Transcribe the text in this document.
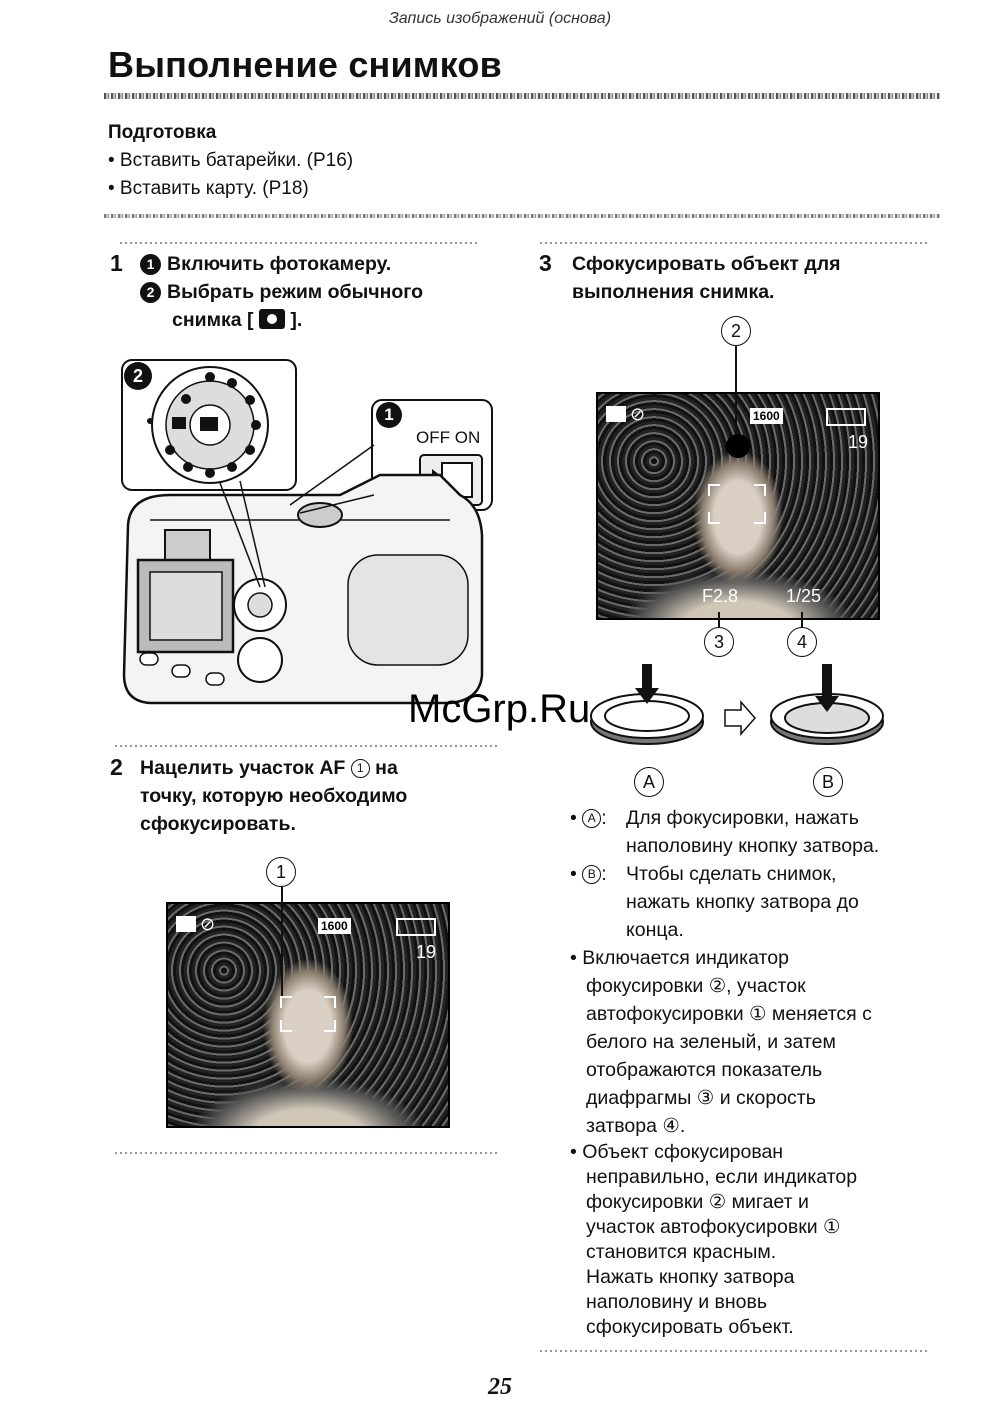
Запись изображений (основа)
Выполнение снимков
Подготовка
• Вставить батарейки. (P16)
• Вставить карту. (P18)
1	1 Включить фотокамеру.
2 Выбрать режим обычного
снимка [ ].
2
1
OFF ON
2 Нацелить участок AF 1 на
точку, которую необходимо
сфокусировать.
1
⊘	1600
19
3 Сфокусировать объект для
выполнения снимка.
2
⊘	1600
19
F2.8	1/25
3	4
A	B
• A : Для фокусировки, нажать
наполовину кнопку затвора.
• B : Чтобы сделать снимок,
нажать кнопку затвора до
конца.
• Включается индикатор
фокусировки ②, участок
автофокусировки ① меняется с
белого на зеленый, и затем
отображаются показатель
диафрагмы ③ и скорость
затвора ④.
• Объект сфокусирован
неправильно, если индикатор
фокусировки ② мигает и
участок автофокусировки ①
становится красным.
Нажать кнопку затвора
наполовину и вновь
сфокусировать объект.
McGrp.Ru
25
